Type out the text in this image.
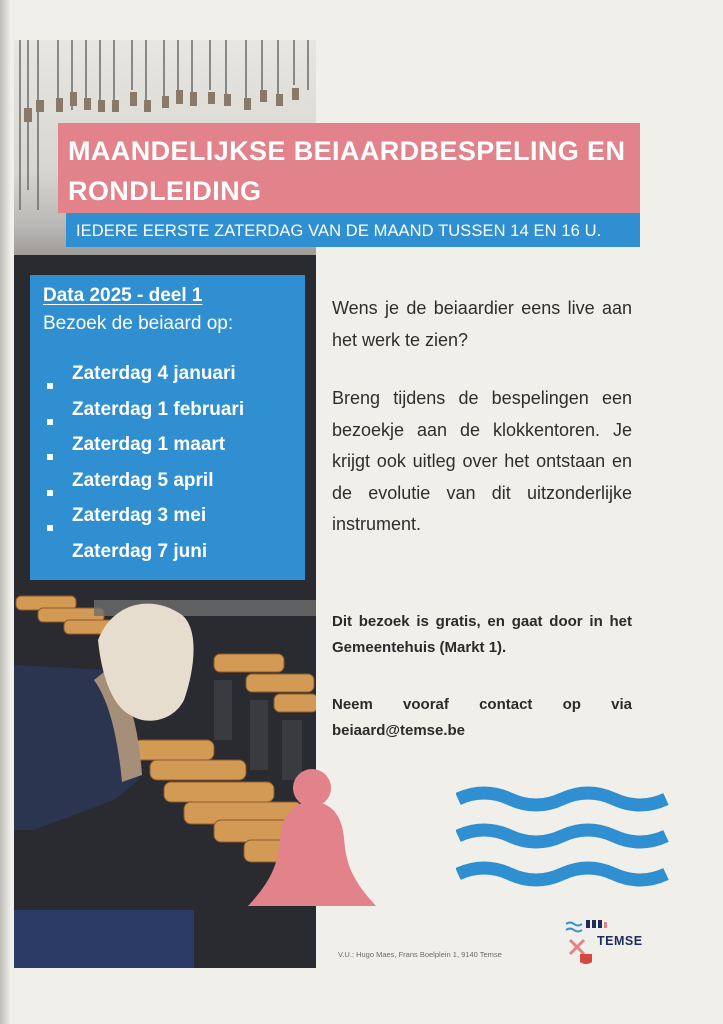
MAANDELIJKSE BEIAARDBESPELING EN RONDLEIDING
IEDERE EERSTE ZATERDAG VAN DE MAAND TUSSEN 14 EN 16 U.
Data 2025 - deel 1
Bezoek de beiaard op:
Zaterdag 4 januari
Zaterdag 1 februari
Zaterdag 1 maart
Zaterdag 5 april
Zaterdag 3 mei
Zaterdag 7 juni

Wens je de beiaardier eens live aan het werk te zien?

Breng tijdens de bespelingen een bezoekje aan de klokkentoren. Je krijgt ook uitleg over het ontstaan en de evolutie van dit uitzonderlijke instrument.

Dit bezoek is gratis, en gaat door in het Gemeentehuis (Markt 1).

Neem vooraf contact op via beiaard@temse.be

V.U.: Hugo Maes, Frans Boelplein 1, 9140 Temse
TEMSE
